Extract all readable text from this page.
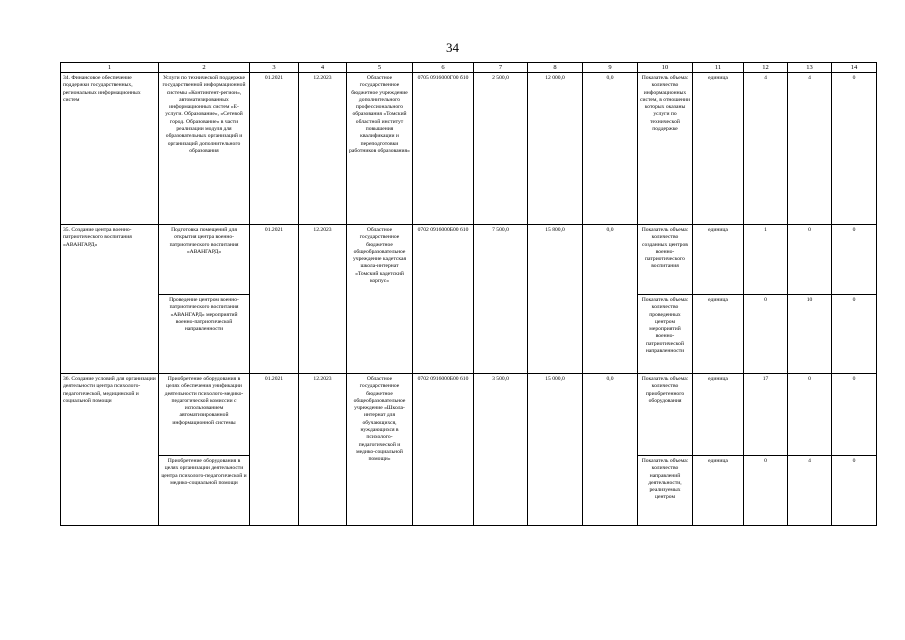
34
1	2	3	4	5	6	7	8	9	10	11	12	13	14
34. Финансовое обеспечение поддержки государственных, региональных информационных систем	Услуги по технической поддержке государственной информационной системы «Контингент-регион», автоматизированных информационных систем «Е-услуги. Образование», «Сетевой город. Образование» в части реализации модуля для образовательных организаций и организаций дополнительного образования	01.2021	12.2023	Областное государственное бюджетное учреждение дополнительного профессионального образования «Томский областной институт повышения квалификации и переподготовки работников образования»	0705 0916000Г00 б10	2 500,0	12 000,0	0,0	Показатель объема: количество информационных систем, в отношении которых оказаны услуги по технической поддержке	единица	4	4	0
35. Создание центра военно-патриотического воспитания «АВАНГАРД»	Подготовка помещений для открытия центра военно-патриотического воспитания «АВАНГАРД»	01.2021	12.2023	Областное государственное бюджетное общеобразовательное учреждение кадетская школа-интернат «Томский кадетский корпус»	0702 0916000Б00 610	7 500,0	15 800,0	0,0	Показатель объема: количество созданных центров военно-патриотического воспитания	единица	1	0	0
	Проведение центром военно-патриотического воспитания «АВАНГАРД» мероприятий военно-патриотической направленности								Показатель объема: количество проведенных центром мероприятий военно-патриотической направленности	единица	0	10	0
36. Создание условий для организации деятельности центра психолого-педагогической, медицинской и социальной помощи	Приобретение оборудования в целях обеспечения унификации деятельности психолого-медико-педагогической комиссии с использованием автоматизированной информационной системы	01.2021	12.2023	Областное государственное бюджетное общеобразовательное учреждение «Школа-интернат для обучающихся, нуждающихся в психолого-педагогической и медико-социальной помощи»	0702 0916000Б00 610	3 500,0	15 000,0	0,0	Показатель объема: количество приобретенного оборудования	единица	17	0	0
	Приобретение оборудования в целях организации деятельности центра психолого-педагогической и медико-социальной помощи								Показатель объема: количество направлений деятельности, реализуемых центром	единица	0	4	0
